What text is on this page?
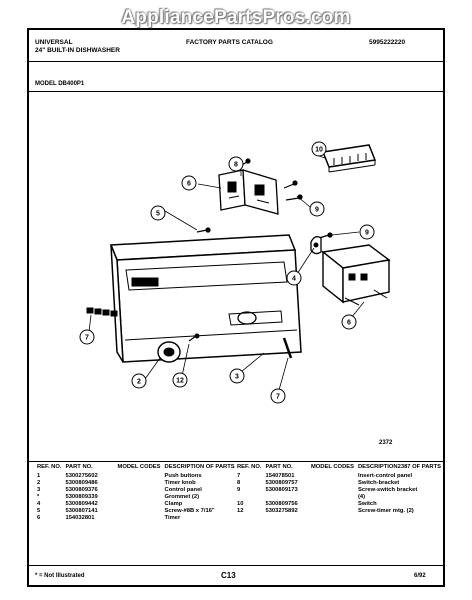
AppliancePartsPros.com
UNIVERSAL
24" BUILT-IN DISHWASHER
FACTORY PARTS CATALOG	5995222220
MODEL DB400P1
8
10
6
5
9
9
4
6
7
2	12
3
7
2372
REF. NO.	PART NO.	MODEL CODES	DESCRIPTION OF PARTS
1	5300275602		Push buttons
2	5300809486		Timer knob
3	5300809376		Control panel
*	5300809339		Grommet (2)
4	5300809442		Clamp
5	5300807141		Screw-#8B x 7/16"
6	154032801		Timer
REF. NO.	PART NO.	MODEL CODES	DESCRIPTION2387 OF PARTS
7	154078501		Insert-control panel
8	5300809757		Switch-bracket
9	5300809173		Screw-switch bracket
			(4)
10	5300809756		Switch
12	5303275892		Screw-timer mtg. (2)
* = Not Illustrated	C13	6/92
